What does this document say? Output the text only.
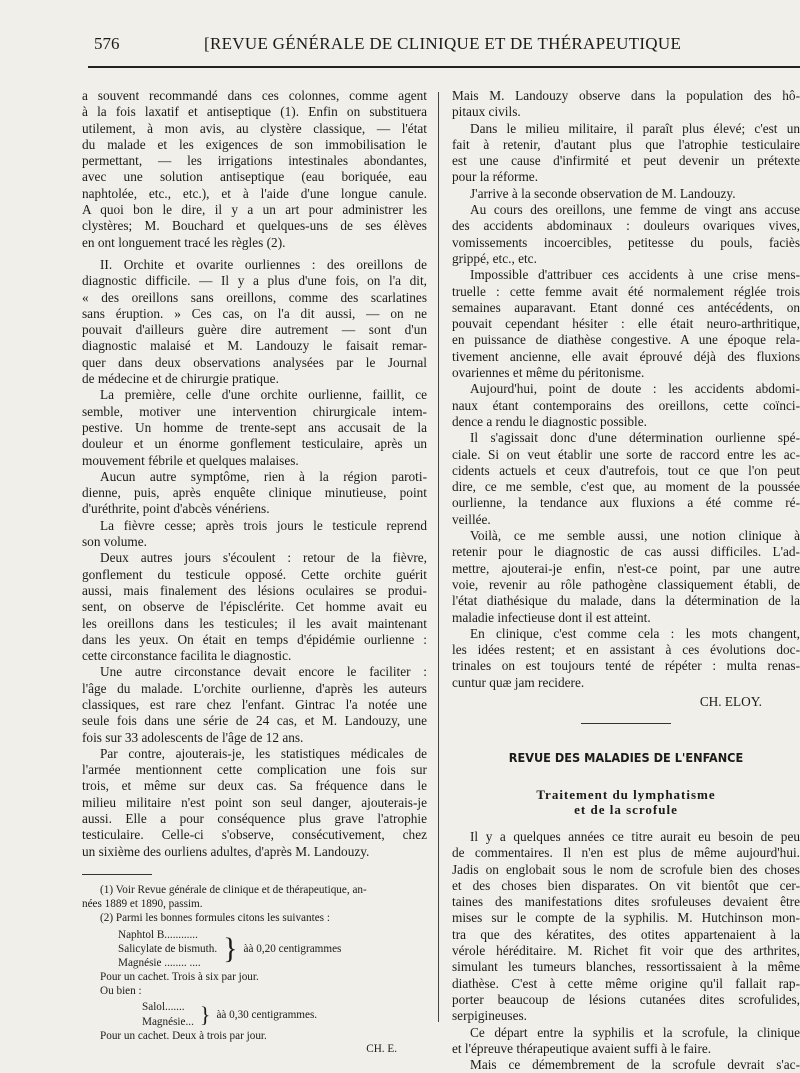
576	[REVUE GÉNÉRALE DE CLINIQUE ET DE THÉRAPEUTIQUE
a souvent recommandé dans ces colonnes, comme agent
à la fois laxatif et antiseptique (1). Enfin on substituera
utilement, à mon avis, au clystère classique, — l'état
du malade et les exigences de son immobilisation le
permettant, — les irrigations intestinales abondantes,
avec une solution antiseptique (eau boriquée, eau
naphtolée, etc., etc.), et à l'aide d'une longue canule.
A quoi bon le dire, il y a un art pour administrer les
clystères; M. Bouchard et quelques-uns de ses élèves
en ont longuement tracé les règles (2).
II. Orchite et ovarite ourliennes : des oreillons de
diagnostic difficile. — Il y a plus d'une fois, on l'a dit,
« des oreillons sans oreillons, comme des scarlatines
sans éruption. » Ces cas, on l'a dit aussi, — on ne
pouvait d'ailleurs guère dire autrement — sont d'un
diagnostic malaisé et M. Landouzy le faisait remar-
quer dans deux observations analysées par le Journal
de médecine et de chirurgie pratique.
La première, celle d'une orchite ourlienne, faillit, ce
semble, motiver une intervention chirurgicale intem-
pestive. Un homme de trente-sept ans accusait de la
douleur et un énorme gonflement testiculaire, après un
mouvement fébrile et quelques malaises.
Aucun autre symptôme, rien à la région paroti-
dienne, puis, après enquête clinique minutieuse, point
d'uréthrite, point d'abcès vénériens.
La fièvre cesse; après trois jours le testicule reprend
son volume.
Deux autres jours s'écoulent : retour de la fièvre,
gonflement du testicule opposé. Cette orchite guérit
aussi, mais finalement des lésions oculaires se produi-
sent, on observe de l'épisclérite. Cet homme avait eu
les oreillons dans les testicules; il les avait maintenant
dans les yeux. On était en temps d'épidémie ourlienne :
cette circonstance facilita le diagnostic.
Une autre circonstance devait encore le faciliter :
l'âge du malade. L'orchite ourlienne, d'après les auteurs
classiques, est rare chez l'enfant. Gintrac l'a notée une
seule fois dans une série de 24 cas, et M. Landouzy, une
fois sur 33 adolescents de l'âge de 12 ans.
Par contre, ajouterais-je, les statistiques médicales de
l'armée mentionnent cette complication une fois sur
trois, et même sur deux cas. Sa fréquence dans le
milieu militaire n'est point son seul danger, ajouterais-je
aussi. Elle a pour conséquence plus grave l'atrophie
testiculaire. Celle-ci s'observe, consécutivement, chez
un sixième des ourliens adultes, d'après M. Landouzy.
(1) Voir Revue générale de clinique et de thérapeutique, an-
nées 1889 et 1890, passim.
(2) Parmi les bonnes formules citons les suivantes :
Naphtol B............
Salicylate de bismuth.
Magnésie ........ .... } àà 0,20 centigrammes
Pour un cachet. Trois à six par jour.
Ou bien :
Salol.......
Magnésie... } àà 0,30 centigrammes.
Pour un cachet. Deux à trois par jour.
CH. E.
Mais M. Landouzy observe dans la population des hô-
pitaux civils.
Dans le milieu militaire, il paraît plus élevé; c'est un
fait à retenir, d'autant plus que l'atrophie testiculaire
est une cause d'infirmité et peut devenir un prétexte
pour la réforme.
J'arrive à la seconde observation de M. Landouzy.
Au cours des oreillons, une femme de vingt ans accuse
des accidents abdominaux : douleurs ovariques vives,
vomissements incoercibles, petitesse du pouls, faciès
grippé, etc., etc.
Impossible d'attribuer ces accidents à une crise mens-
truelle : cette femme avait été normalement réglée trois
semaines auparavant. Etant donné ces antécédents, on
pouvait cependant hésiter : elle était neuro-arthritique,
en puissance de diathèse congestive. A une époque rela-
tivement ancienne, elle avait éprouvé déjà des fluxions
ovariennes et même du péritonisme.
Aujourd'hui, point de doute : les accidents abdomi-
naux étant contemporains des oreillons, cette coïnci-
dence a rendu le diagnostic possible.
Il s'agissait donc d'une détermination ourlienne spé-
ciale. Si on veut établir une sorte de raccord entre les ac-
cidents actuels et ceux d'autrefois, tout ce que l'on peut
dire, ce me semble, c'est que, au moment de la poussée
ourlienne, la tendance aux fluxions a été comme ré-
veillée.
Voilà, ce me semble aussi, une notion clinique à
retenir pour le diagnostic de cas aussi difficiles. L'ad-
mettre, ajouterai-je enfin, n'est-ce point, par une autre
voie, revenir au rôle pathogène classiquement établi, de
l'état diathésique du malade, dans la détermination de la
maladie infectieuse dont il est atteint.
En clinique, c'est comme cela : les mots changent,
les idées restent; et en assistant à ces évolutions doc-
trinales on est toujours tenté de répéter : multa renas-
cuntur quæ jam recidere.
CH. ELOY.
REVUE DES MALADIES DE L'ENFANCE
Traitement du lymphatisme
et de la scrofule
Il y a quelques années ce titre aurait eu besoin de peu
de commentaires. Il n'en est plus de même aujourd'hui.
Jadis on englobait sous le nom de scrofule bien des choses
et des choses bien disparates. On vit bientôt que cer-
taines des manifestations dites srofuleuses devaient être
mises sur le compte de la syphilis. M. Hutchinson mon-
tra que des kératites, des otites appartenaient à la
vérole héréditaire. M. Richet fit voir que des arthrites,
simulant les tumeurs blanches, ressortissaient à la même
diathèse. C'est à cette même origine qu'il fallait rap-
porter beaucoup de lésions cutanées dites scrofulides,
serpigineuses.
Ce départ entre la syphilis et la scrofule, la clinique
et l'épreuve thérapeutique avaient suffi à le faire.
Mais ce démembrement de la scrofule devrait s'ac-
